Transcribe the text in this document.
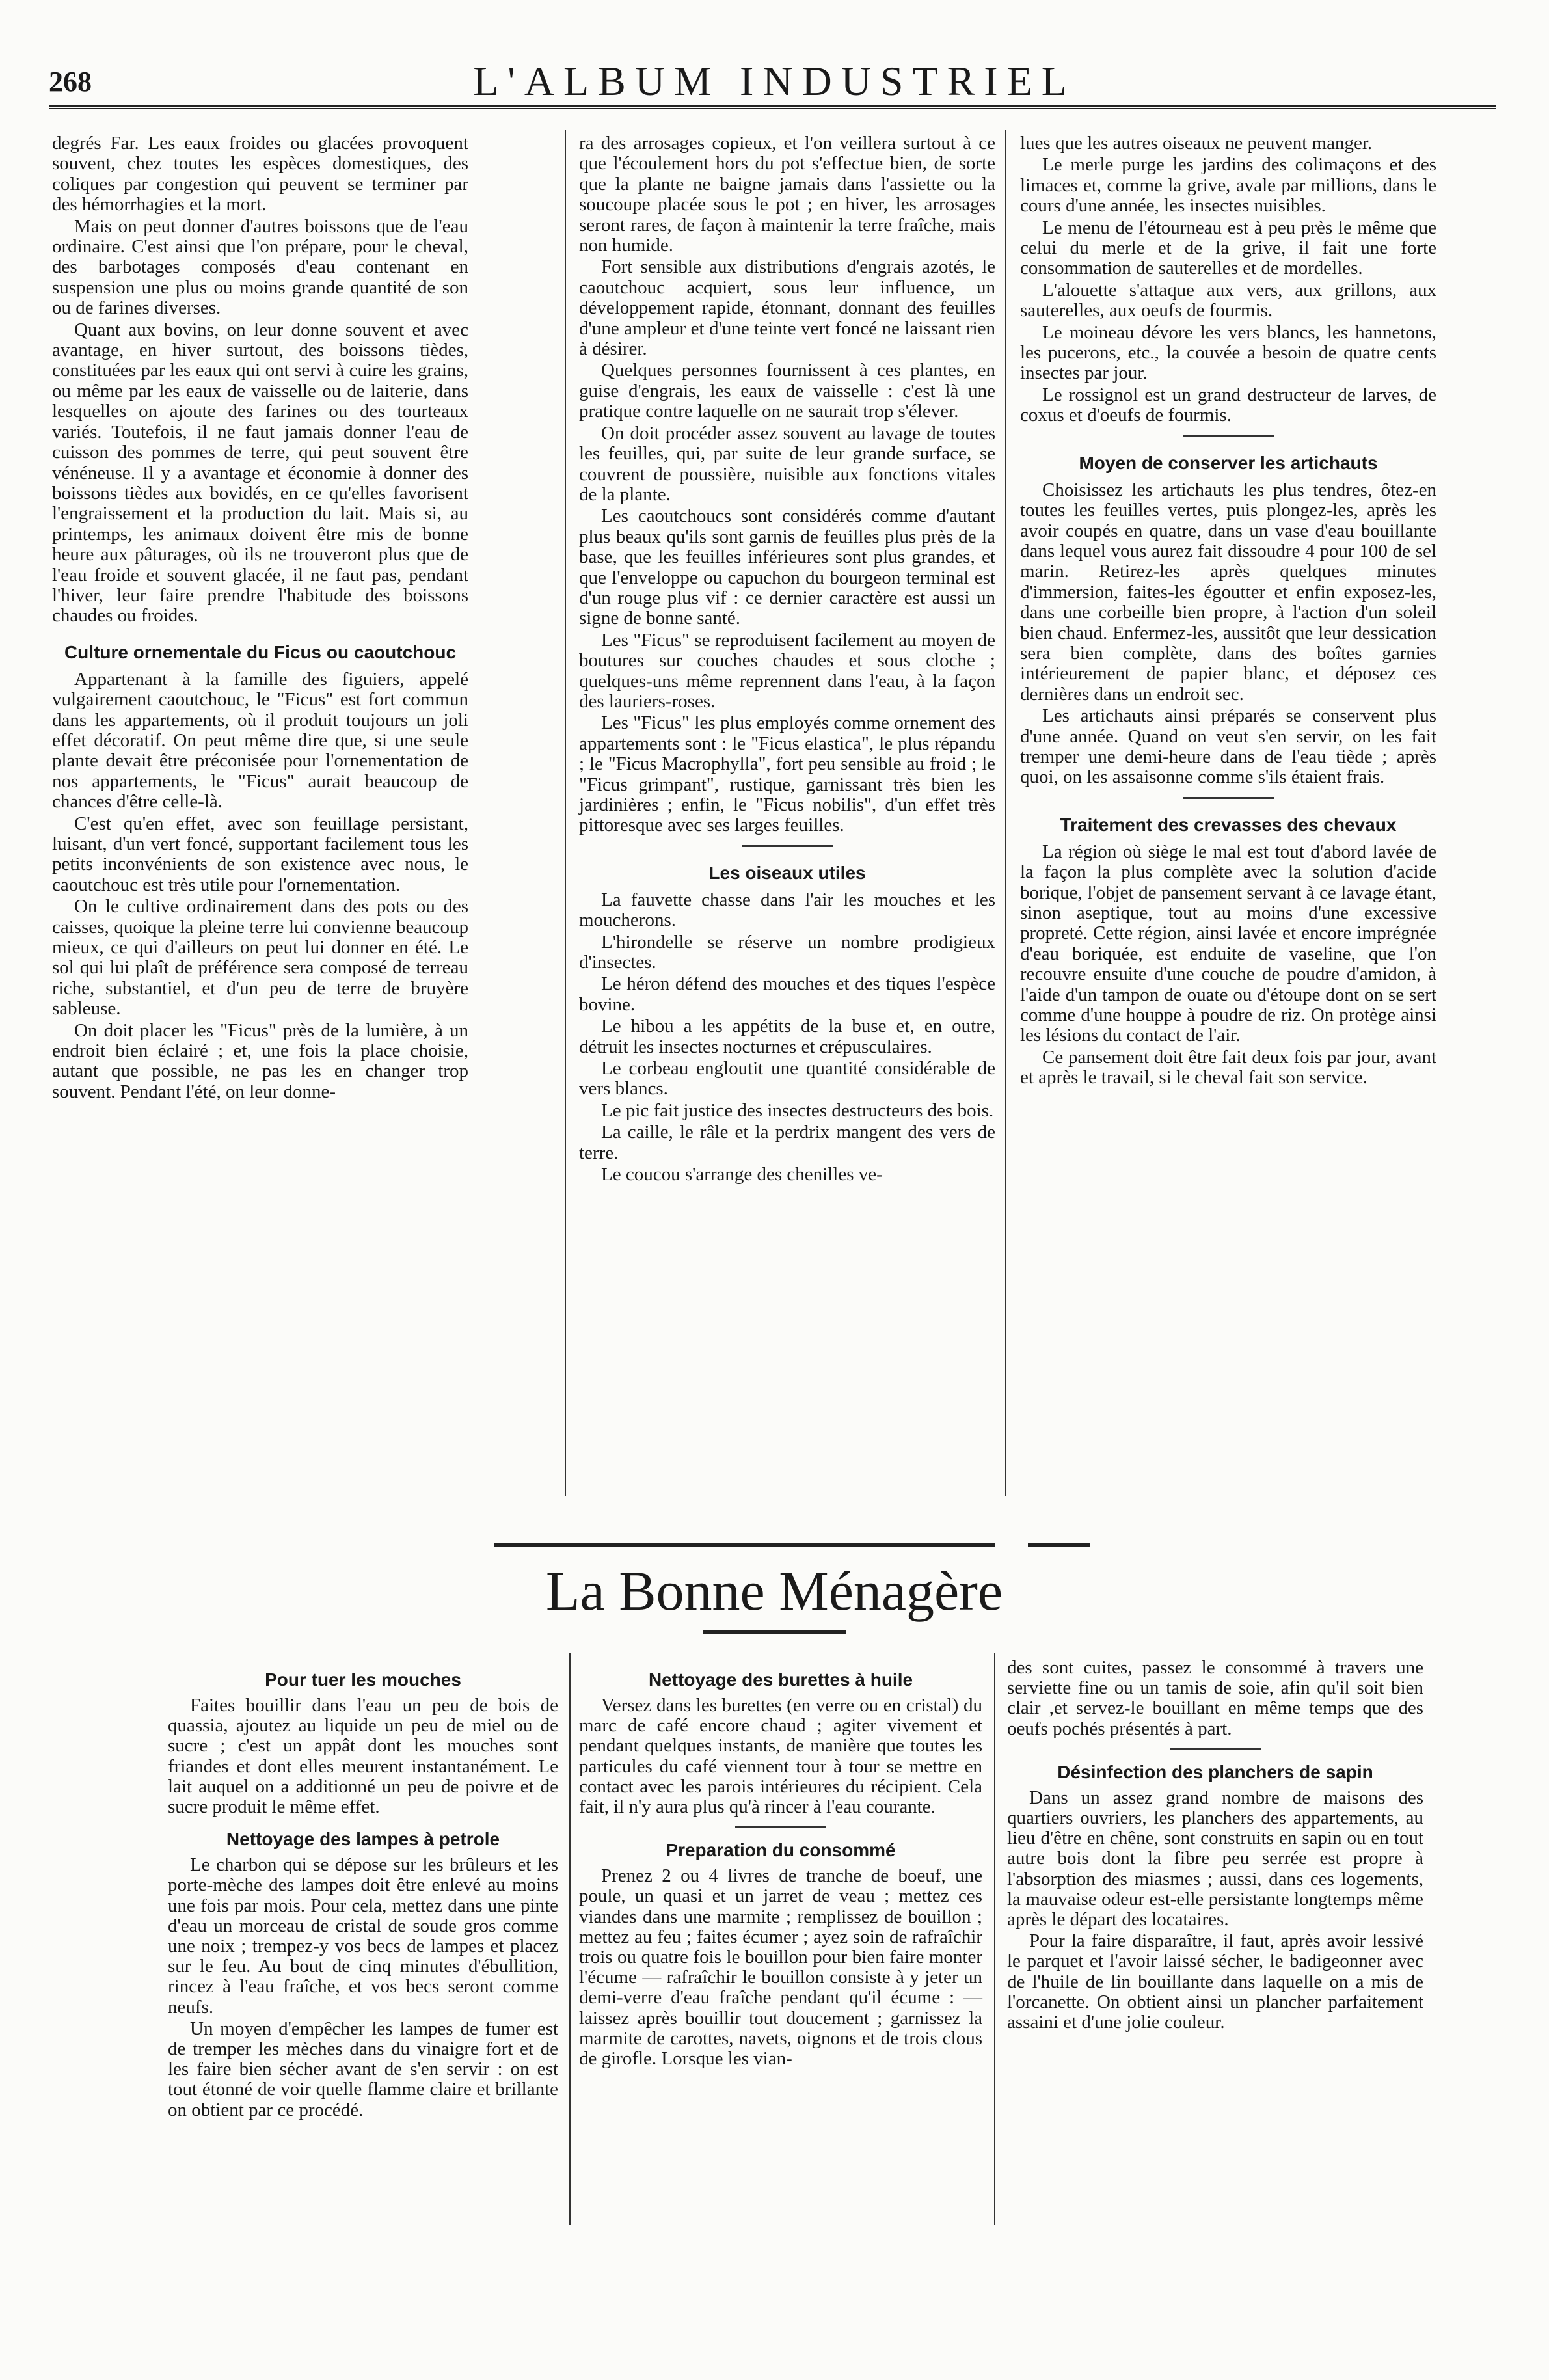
268	L'ALBUM INDUSTRIEL

degrés Far. Les eaux froides ou glacées provoquent souvent, chez toutes les espèces domestiques, des coliques par congestion qui peuvent se terminer par des hémorrhagies et la mort.

Mais on peut donner d'autres boissons que de l'eau ordinaire. C'est ainsi que l'on prépare, pour le cheval, des barbotages composés d'eau contenant en suspension une plus ou moins grande quantité de son ou de farines diverses.

Quant aux bovins, on leur donne souvent et avec avantage, en hiver surtout, des boissons tièdes, constituées par les eaux qui ont servi à cuire les grains, ou même par les eaux de vaisselle ou de laiterie, dans lesquelles on ajoute des farines ou des tourteaux variés. Toutefois, il ne faut jamais donner l'eau de cuisson des pommes de terre, qui peut souvent être vénéneuse. Il y a avantage et économie à donner des boissons tièdes aux bovidés, en ce qu'elles favorisent l'engraissement et la production du lait. Mais si, au printemps, les animaux doivent être mis de bonne heure aux pâturages, où ils ne trouveront plus que de l'eau froide et souvent glacée, il ne faut pas, pendant l'hiver, leur faire prendre l'habitude des boissons chaudes ou froides.

Culture ornementale du Ficus ou caoutchouc

Appartenant à la famille des figuiers, appelé vulgairement caoutchouc, le "Ficus" est fort commun dans les appartements, où il produit toujours un joli effet décoratif. On peut même dire que, si une seule plante devait être préconisée pour l'ornementation de nos appartements, le "Ficus" aurait beaucoup de chances d'être celle-là.

C'est qu'en effet, avec son feuillage persistant, luisant, d'un vert foncé, supportant facilement tous les petits inconvénients de son existence avec nous, le caoutchouc est très utile pour l'ornementation.

On le cultive ordinairement dans des pots ou des caisses, quoique la pleine terre lui convienne beaucoup mieux, ce qui d'ailleurs on peut lui donner en été. Le sol qui lui plaît de préférence sera composé de terreau riche, substantiel, et d'un peu de terre de bruyère sableuse.

On doit placer les "Ficus" près de la lumière, à un endroit bien éclairé ; et, une fois la place choisie, autant que possible, ne pas les en changer trop souvent. Pendant l'été, on leur donne-

ra des arrosages copieux, et l'on veillera surtout à ce que l'écoulement hors du pot s'effectue bien, de sorte que la plante ne baigne jamais dans l'assiette ou la soucoupe placée sous le pot ; en hiver, les arrosages seront rares, de façon à maintenir la terre fraîche, mais non humide.

Fort sensible aux distributions d'engrais azotés, le caoutchouc acquiert, sous leur influence, un développement rapide, étonnant, donnant des feuilles d'une ampleur et d'une teinte vert foncé ne laissant rien à désirer.

Quelques personnes fournissent à ces plantes, en guise d'engrais, les eaux de vaisselle : c'est là une pratique contre laquelle on ne saurait trop s'élever.

On doit procéder assez souvent au lavage de toutes les feuilles, qui, par suite de leur grande surface, se couvrent de poussière, nuisible aux fonctions vitales de la plante.

Les caoutchoucs sont considérés comme d'autant plus beaux qu'ils sont garnis de feuilles plus près de la base, que les feuilles inférieures sont plus grandes, et que l'enveloppe ou capuchon du bourgeon terminal est d'un rouge plus vif : ce dernier caractère est aussi un signe de bonne santé.

Les "Ficus" se reproduisent facilement au moyen de boutures sur couches chaudes et sous cloche ; quelques-uns même reprennent dans l'eau, à la façon des lauriers-roses.

Les "Ficus" les plus employés comme ornement des appartements sont : le "Ficus elastica", le plus répandu ; le "Ficus Macrophylla", fort peu sensible au froid ; le "Ficus grimpant", rustique, garnissant très bien les jardinières ; enfin, le "Ficus nobilis", d'un effet très pittoresque avec ses larges feuilles.

Les oiseaux utiles

La fauvette chasse dans l'air les mouches et les moucherons.

L'hirondelle se réserve un nombre prodigieux d'insectes.

Le héron défend des mouches et des tiques l'espèce bovine.

Le hibou a les appétits de la buse et, en outre, détruit les insectes nocturnes et crépusculaires.

Le corbeau engloutit une quantité considérable de vers blancs.

Le pic fait justice des insectes destructeurs des bois.

La caille, le râle et la perdrix mangent des vers de terre.

Le coucou s'arrange des chenilles ve-

lues que les autres oiseaux ne peuvent manger.

Le merle purge les jardins des colimaçons et des limaces et, comme la grive, avale par millions, dans le cours d'une année, les insectes nuisibles.

Le menu de l'étourneau est à peu près le même que celui du merle et de la grive, il fait une forte consommation de sauterelles et de mordelles.

L'alouette s'attaque aux vers, aux grillons, aux sauterelles, aux oeufs de fourmis.

Le moineau dévore les vers blancs, les hannetons, les pucerons, etc., la couvée a besoin de quatre cents insectes par jour.

Le rossignol est un grand destructeur de larves, de coxus et d'oeufs de fourmis.

Moyen de conserver les artichauts

Choisissez les artichauts les plus tendres, ôtez-en toutes les feuilles vertes, puis plongez-les, après les avoir coupés en quatre, dans un vase d'eau bouillante dans lequel vous aurez fait dissoudre 4 pour 100 de sel marin. Retirez-les après quelques minutes d'immersion, faites-les égoutter et enfin exposez-les, dans une corbeille bien propre, à l'action d'un soleil bien chaud. Enfermez-les, aussitôt que leur dessication sera bien complète, dans des boîtes garnies intérieurement de papier blanc, et déposez ces dernières dans un endroit sec.

Les artichauts ainsi préparés se conservent plus d'une année. Quand on veut s'en servir, on les fait tremper une demi-heure dans de l'eau tiède ; après quoi, on les assaisonne comme s'ils étaient frais.

Traitement des crevasses des chevaux

La région où siège le mal est tout d'abord lavée de la façon la plus complète avec la solution d'acide borique, l'objet de pansement servant à ce lavage étant, sinon aseptique, tout au moins d'une excessive propreté. Cette région, ainsi lavée et encore imprégnée d'eau boriquée, est enduite de vaseline, que l'on recouvre ensuite d'une couche de poudre d'amidon, à l'aide d'un tampon de ouate ou d'étoupe dont on se sert comme d'une houppe à poudre de riz. On protège ainsi les lésions du contact de l'air.

Ce pansement doit être fait deux fois par jour, avant et après le travail, si le cheval fait son service.

La Bonne Ménagère
Pour tuer les mouches

Faites bouillir dans l'eau un peu de bois de quassia, ajoutez au liquide un peu de miel ou de sucre ; c'est un appât dont les mouches sont friandes et dont elles meurent instantanément. Le lait auquel on a additionné un peu de poivre et de sucre produit le même effet.

Nettoyage des lampes à petrole

Le charbon qui se dépose sur les brûleurs et les porte-mèche des lampes doit être enlevé au moins une fois par mois. Pour cela, mettez dans une pinte d'eau un morceau de cristal de soude gros comme une noix ; trempez-y vos becs de lampes et placez sur le feu. Au bout de cinq minutes d'ébullition, rincez à l'eau fraîche, et vos becs seront comme neufs.

Un moyen d'empêcher les lampes de fumer est de tremper les mèches dans du vinaigre fort et de les faire bien sécher avant de s'en servir : on est tout étonné de voir quelle flamme claire et brillante on obtient par ce procédé.

Nettoyage des burettes à huile

Versez dans les burettes (en verre ou en cristal) du marc de café encore chaud ; agiter vivement et pendant quelques instants, de manière que toutes les particules du café viennent tour à tour se mettre en contact avec les parois intérieures du récipient. Cela fait, il n'y aura plus qu'à rincer à l'eau courante.

Preparation du consommé

Prenez 2 ou 4 livres de tranche de boeuf, une poule, un quasi et un jarret de veau ; mettez ces viandes dans une marmite ; remplissez de bouillon ; mettez au feu ; faites écumer ; ayez soin de rafraîchir trois ou quatre fois le bouillon pour bien faire monter l'écume — rafraîchir le bouillon consiste à y jeter un demi-verre d'eau fraîche pendant qu'il écume : — laissez après bouillir tout doucement ; garnissez la marmite de carottes, navets, oignons et de trois clous de girofle. Lorsque les vian-

des sont cuites, passez le consommé à travers une serviette fine ou un tamis de soie, afin qu'il soit bien clair ,et servez-le bouillant en même temps que des oeufs pochés présentés à part.

Désinfection des planchers de sapin

Dans un assez grand nombre de maisons des quartiers ouvriers, les planchers des appartements, au lieu d'être en chêne, sont construits en sapin ou en tout autre bois dont la fibre peu serrée est propre à l'absorption des miasmes ; aussi, dans ces logements, la mauvaise odeur est-elle persistante longtemps même après le départ des locataires.

Pour la faire disparaître, il faut, après avoir lessivé le parquet et l'avoir laissé sécher, le badigeonner avec de l'huile de lin bouillante dans laquelle on a mis de l'orcanette. On obtient ainsi un plancher parfaitement assaini et d'une jolie couleur.
